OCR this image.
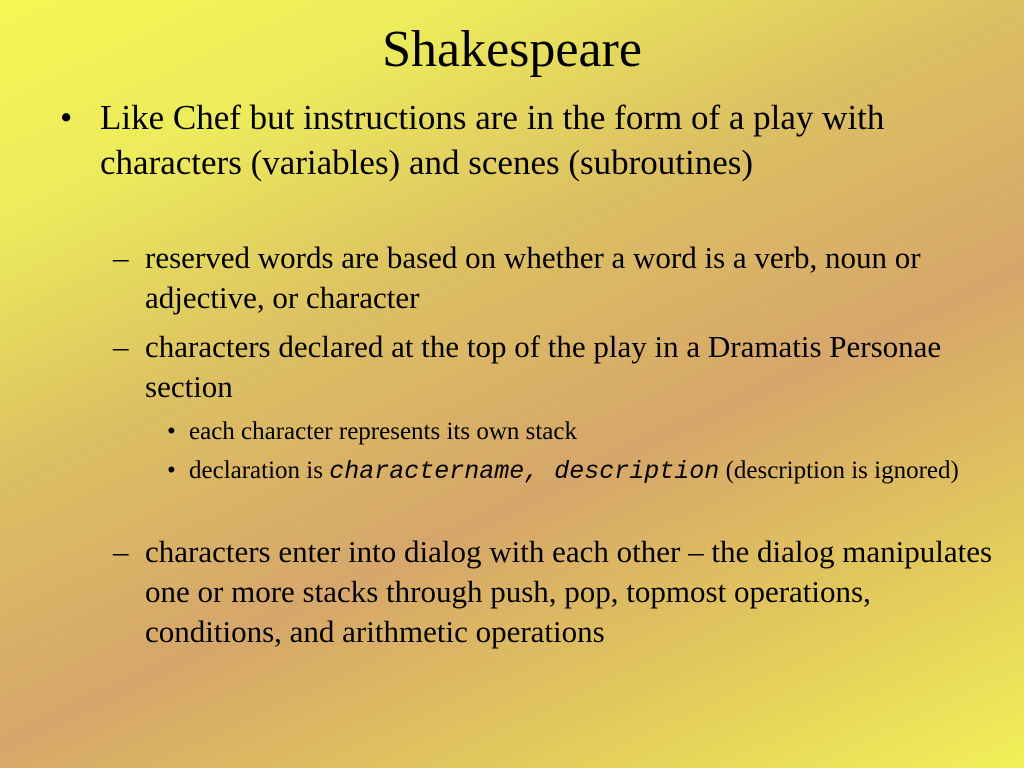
Shakespeare
• Like Chef but instructions are in the form of a play with characters (variables) and scenes (subroutines)
– reserved words are based on whether a word is a verb, noun or adjective, or character
– characters declared at the top of the play in a Dramatis Personae section
• each character represents its own stack
• declaration is charactername, description (description is ignored)
– characters enter into dialog with each other – the dialog manipulates one or more stacks through push, pop, topmost operations, conditions, and arithmetic operations
